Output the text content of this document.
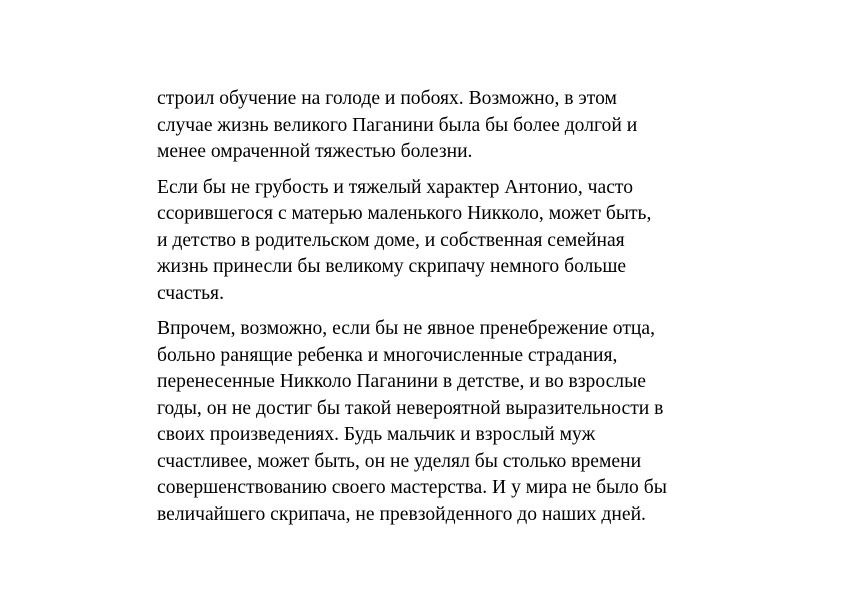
строил обучение на голоде и побоях. Возможно, в этом
случае жизнь великого Паганини была бы более долгой и
менее омраченной тяжестью болезни.

Если бы не грубость и тяжелый характер Антонио, часто
ссорившегося с матерью маленького Никколо, может быть,
и детство в родительском доме, и собственная семейная
жизнь принесли бы великому скрипачу немного больше
счастья.

Впрочем, возможно, если бы не явное пренебрежение отца,
больно ранящие ребенка и многочисленные страдания,
перенесенные Никколо Паганини в детстве, и во взрослые
годы, он не достиг бы такой невероятной выразительности в
своих произведениях. Будь мальчик и взрослый муж
счастливее, может быть, он не уделял бы столько времени
совершенствованию своего мастерства. И у мира не было бы
величайшего скрипача, не превзойденного до наших дней.
